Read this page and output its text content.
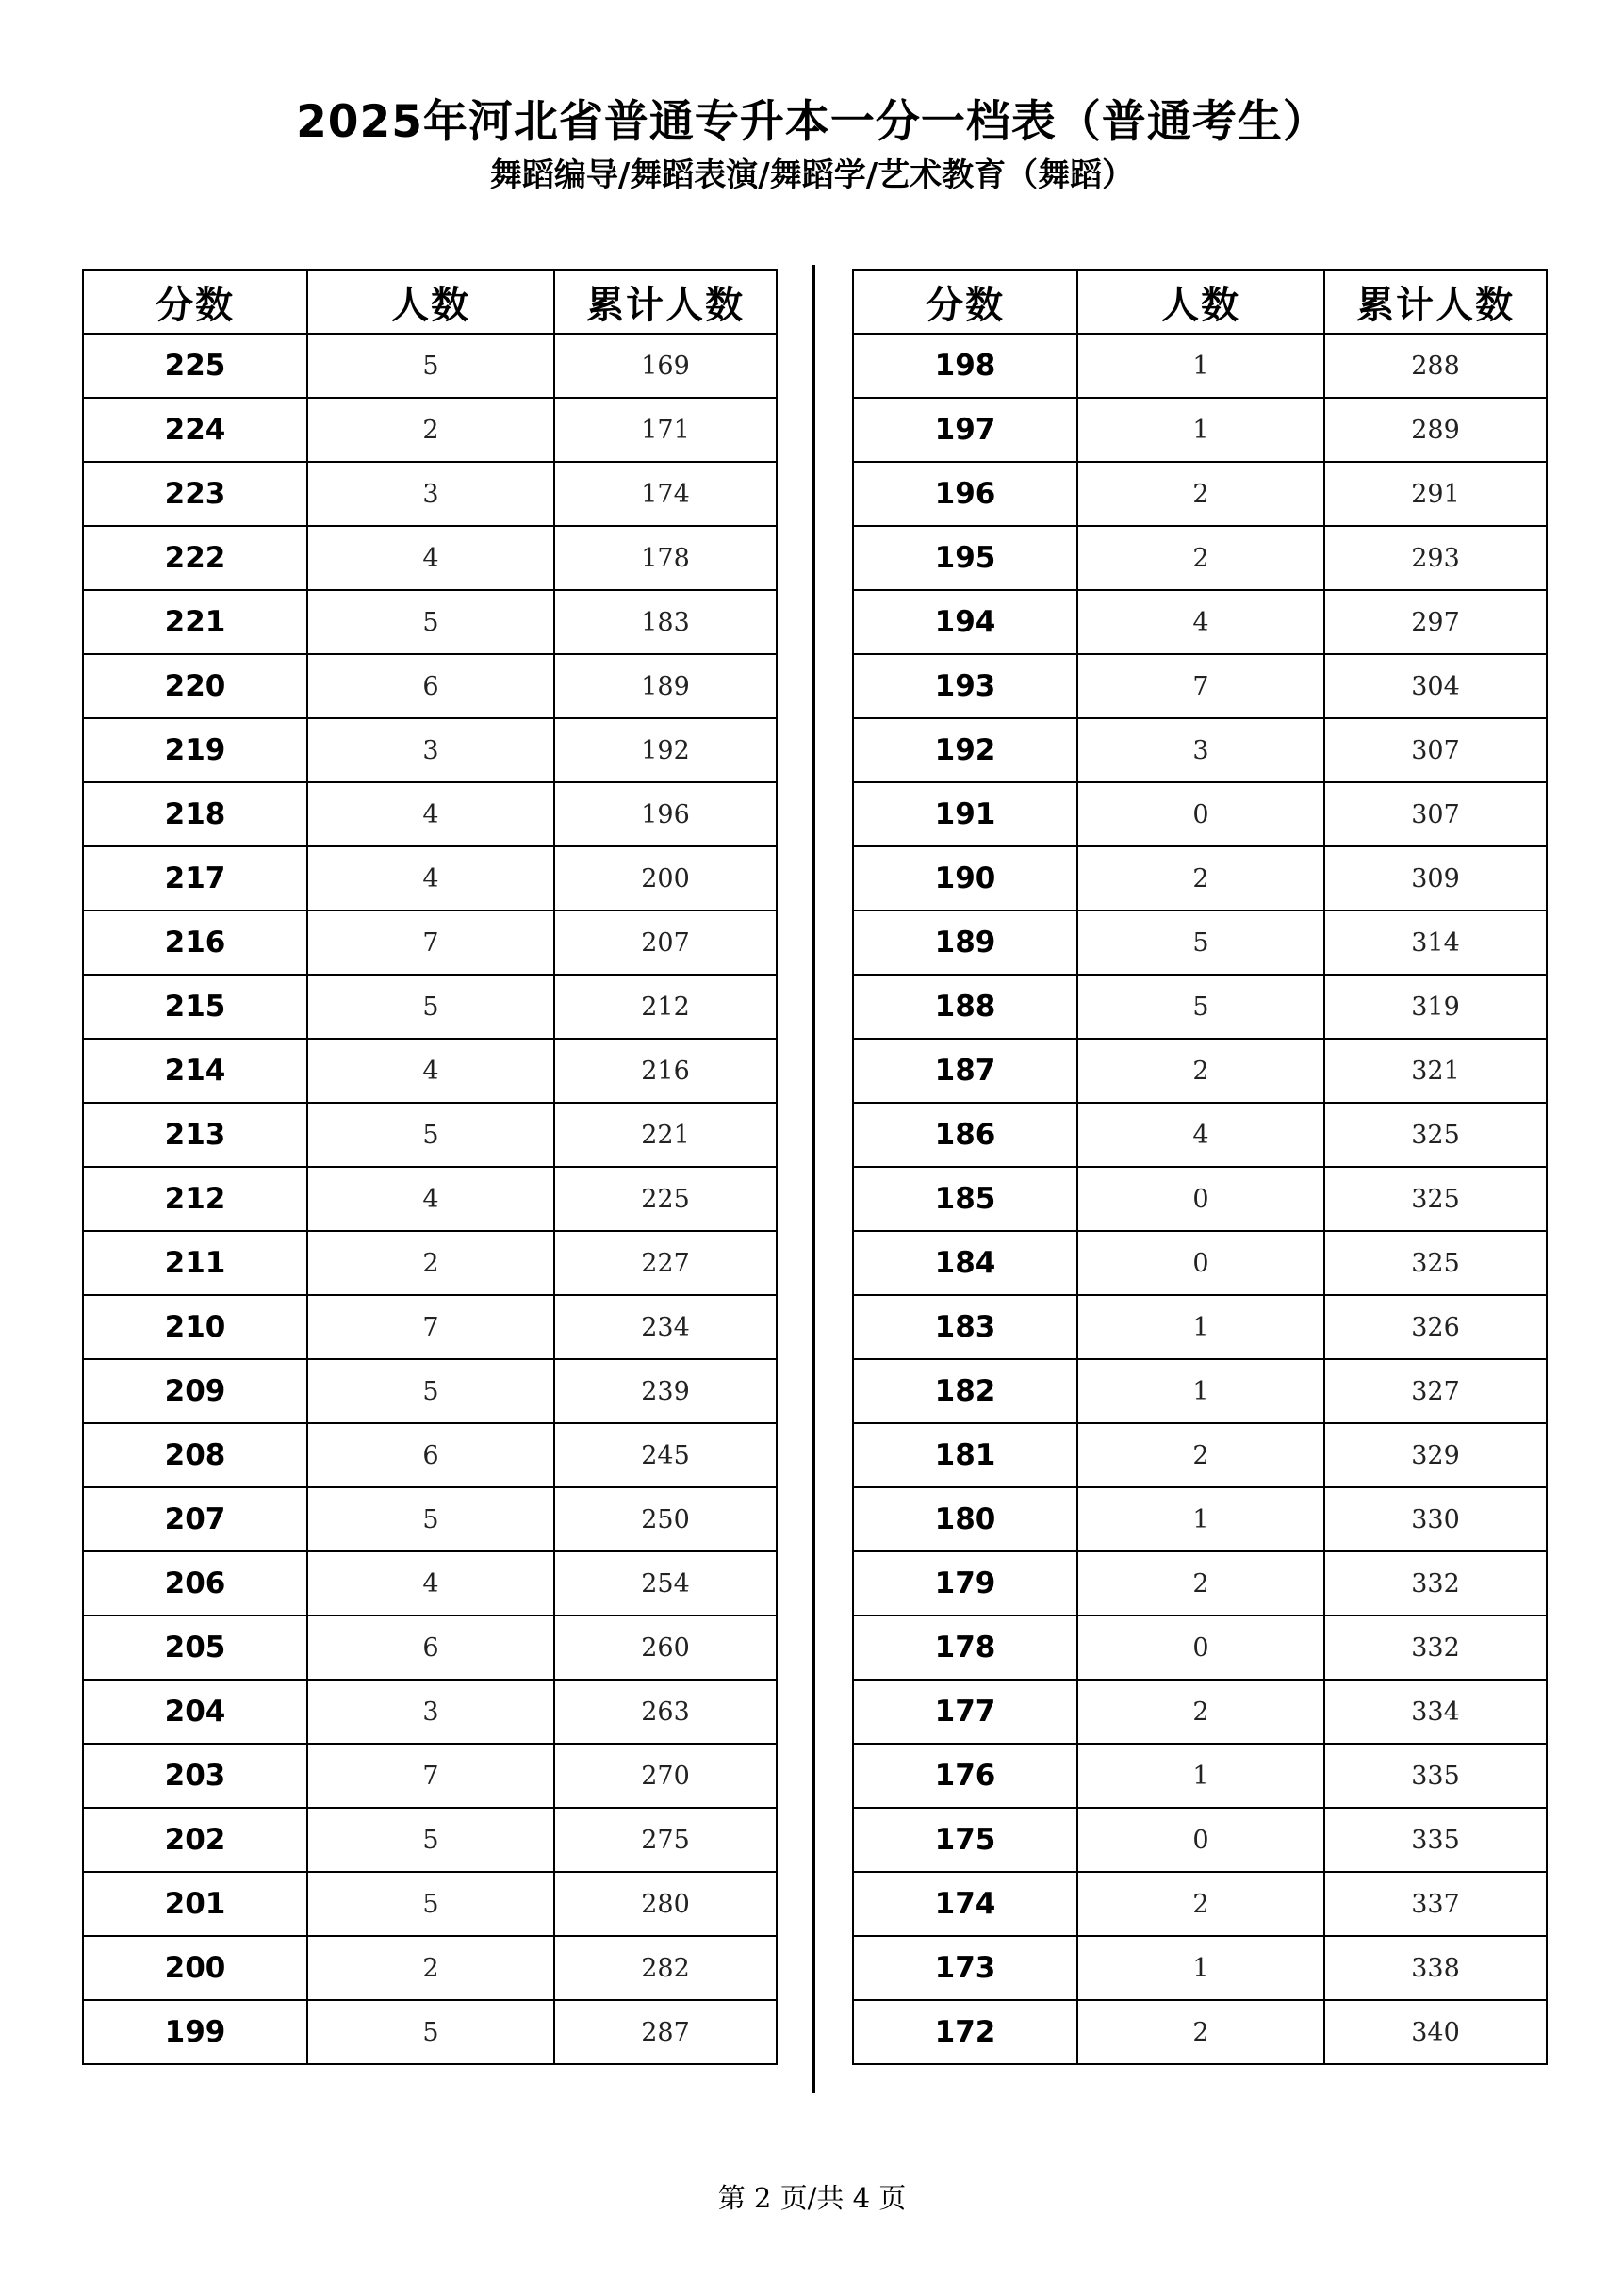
2025年河北省普通专升本一分一档表（普通考生）
舞蹈编导/舞蹈表演/舞蹈学/艺术教育（舞蹈）
分数	人数	累计人数
225	5	169
224	2	171
223	3	174
222	4	178
221	5	183
220	6	189
219	3	192
218	4	196
217	4	200
216	7	207
215	5	212
214	4	216
213	5	221
212	4	225
211	2	227
210	7	234
209	5	239
208	6	245
207	5	250
206	4	254
205	6	260
204	3	263
203	7	270
202	5	275
201	5	280
200	2	282
199	5	287
分数	人数	累计人数
198	1	288
197	1	289
196	2	291
195	2	293
194	4	297
193	7	304
192	3	307
191	0	307
190	2	309
189	5	314
188	5	319
187	2	321
186	4	325
185	0	325
184	0	325
183	1	326
182	1	327
181	2	329
180	1	330
179	2	332
178	0	332
177	2	334
176	1	335
175	0	335
174	2	337
173	1	338
172	2	340

第 2 页/共 4 页
